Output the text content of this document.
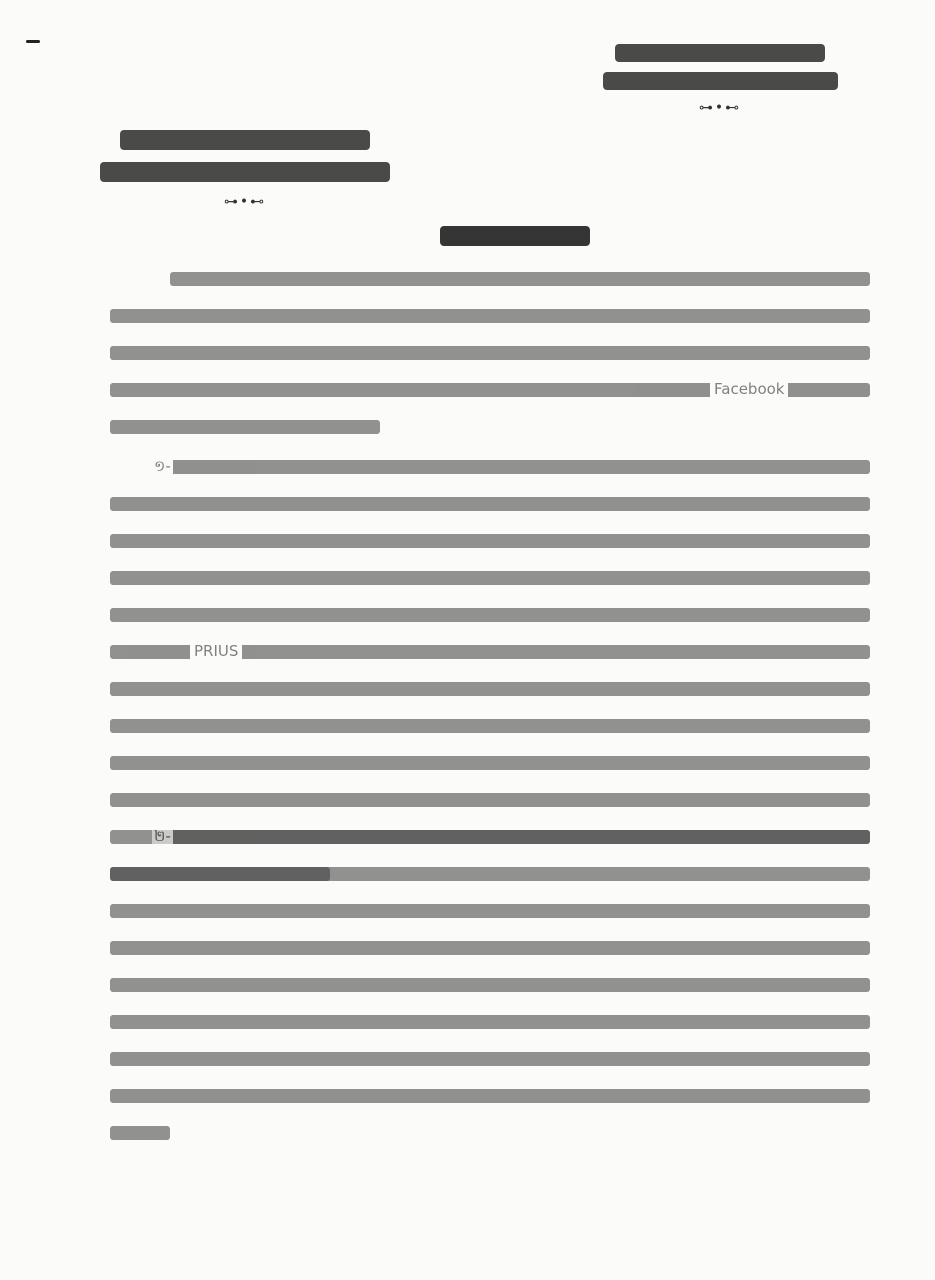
⊶•⊷
⊶•⊷
Facebook
១-
PRIUS
២-
